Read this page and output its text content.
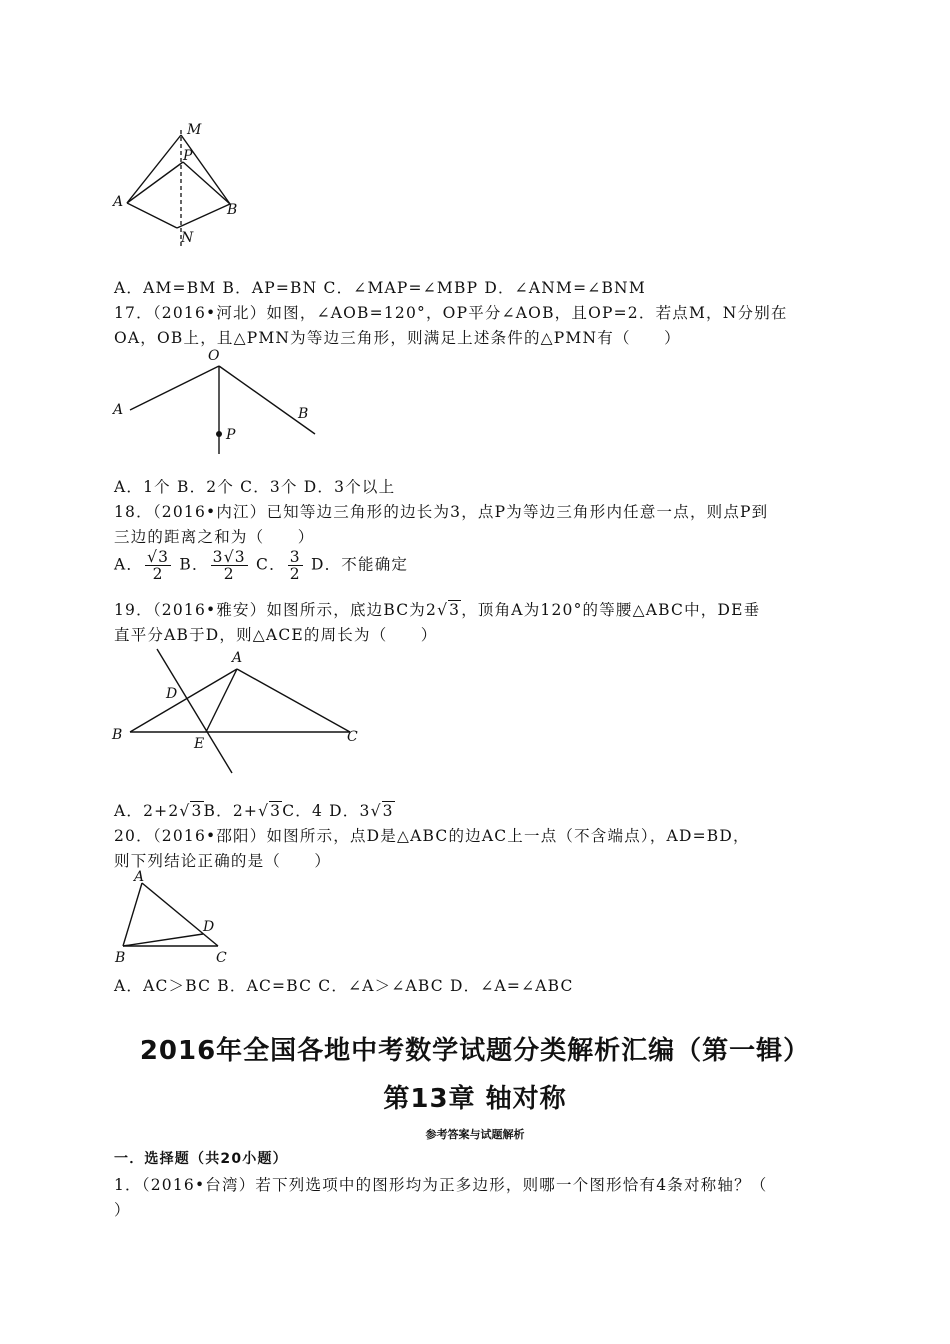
M
P
A	B
N
A．AM=BM B．AP=BN C．∠MAP=∠MBP D．∠ANM=∠BNM
17．（2016•河北）如图，∠AOB=120°，OP平分∠AOB，且OP=2．若点M，N分别在
OA，OB上，且△PMN为等边三角形，则满足上述条件的△PMN有（　　）
O
A	B
P
A．1个 B．2个 C．3个 D．3个以上
18．（2016•内江）已知等边三角形的边长为3，点P为等边三角形内任意一点，则点P到
三边的距离之和为（　　）
A． $\frac{√3}{2}$ B． $\frac{3√3}{2}$ C． $\frac{3}{2}$ D．不能确定
19．（2016•雅安）如图所示，底边BC为2√3，顶角A为120°的等腰△ABC中，DE垂
直平分AB于D，则△ACE的周长为（　　）
A
D
B
E	C
A．2+2√3B．2+√3C．4 D．3√3
20．（2016•邵阳）如图所示，点D是△ABC的边AC上一点（不含端点），AD=BD，
则下列结论正确的是（　　）
A
D
B	C
A．AC＞BC B．AC=BC C．∠A＞∠ABC D．∠A=∠ABC
2016年全国各地中考数学试题分类解析汇编（第一辑）
第13章 轴对称
参考答案与试题解析
一．选择题（共20小题）
1．（2016•台湾）若下列选项中的图形均为正多边形，则哪一个图形恰有4条对称轴？（
）
